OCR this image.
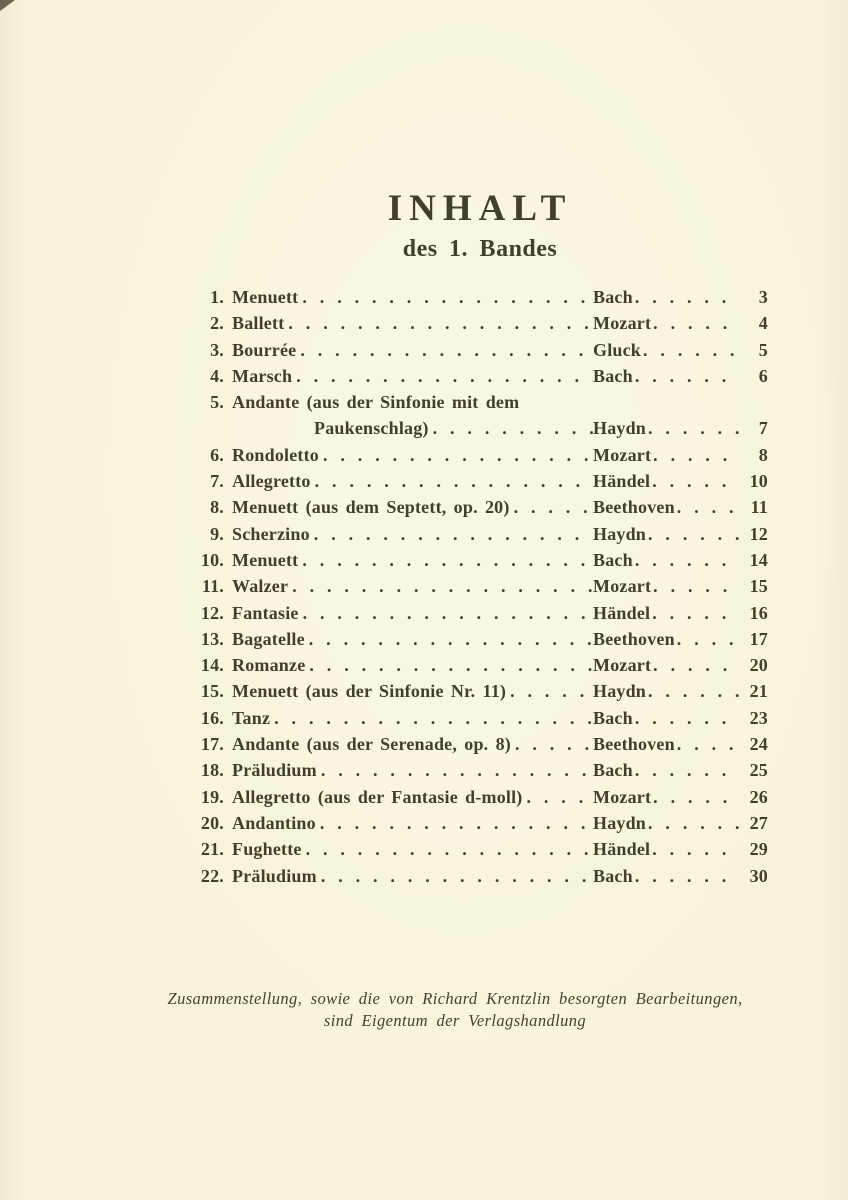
INHALT
des 1. Bandes
1. Menuett . . .	Bach . . .	3
2. Ballett . . .	Mozart . . .	4
3. Bourrée . . .	Gluck . . .	5
4. Marsch . . .	Bach . . .	6
5. Andante (aus der Sinfonie mit dem
Paukenschlag) . . .	Haydn . . .	7
6. Rondoletto . . .	Mozart . . .	8
7. Allegretto . . .	Händel . . .	10
8. Menuett (aus dem Septett, op. 20) . . .	Beethoven . . .	11
9. Scherzino . . .	Haydn . . .	12
10. Menuett . . .	Bach . . .	14
11. Walzer . . .	Mozart . . .	15
12. Fantasie . . .	Händel . . .	16
13. Bagatelle . . .	Beethoven . . .	17
14. Romanze . . .	Mozart . . .	20
15. Menuett (aus der Sinfonie Nr. 11) . . .	Haydn . . .	21
16. Tanz . . .	Bach . . .	23
17. Andante (aus der Serenade, op. 8) . . .	Beethoven . . .	24
18. Präludium . . .	Bach . . .	25
19. Allegretto (aus der Fantasie d-moll) . . .	Mozart . . .	26
20. Andantino . . .	Haydn . . .	27
21. Fughette . . .	Händel . . .	29
22. Präludium . . .	Bach . . .	30
Zusammenstellung, sowie die von Richard Krentzlin besorgten Bearbeitungen,
sind Eigentum der Verlagshandlung
